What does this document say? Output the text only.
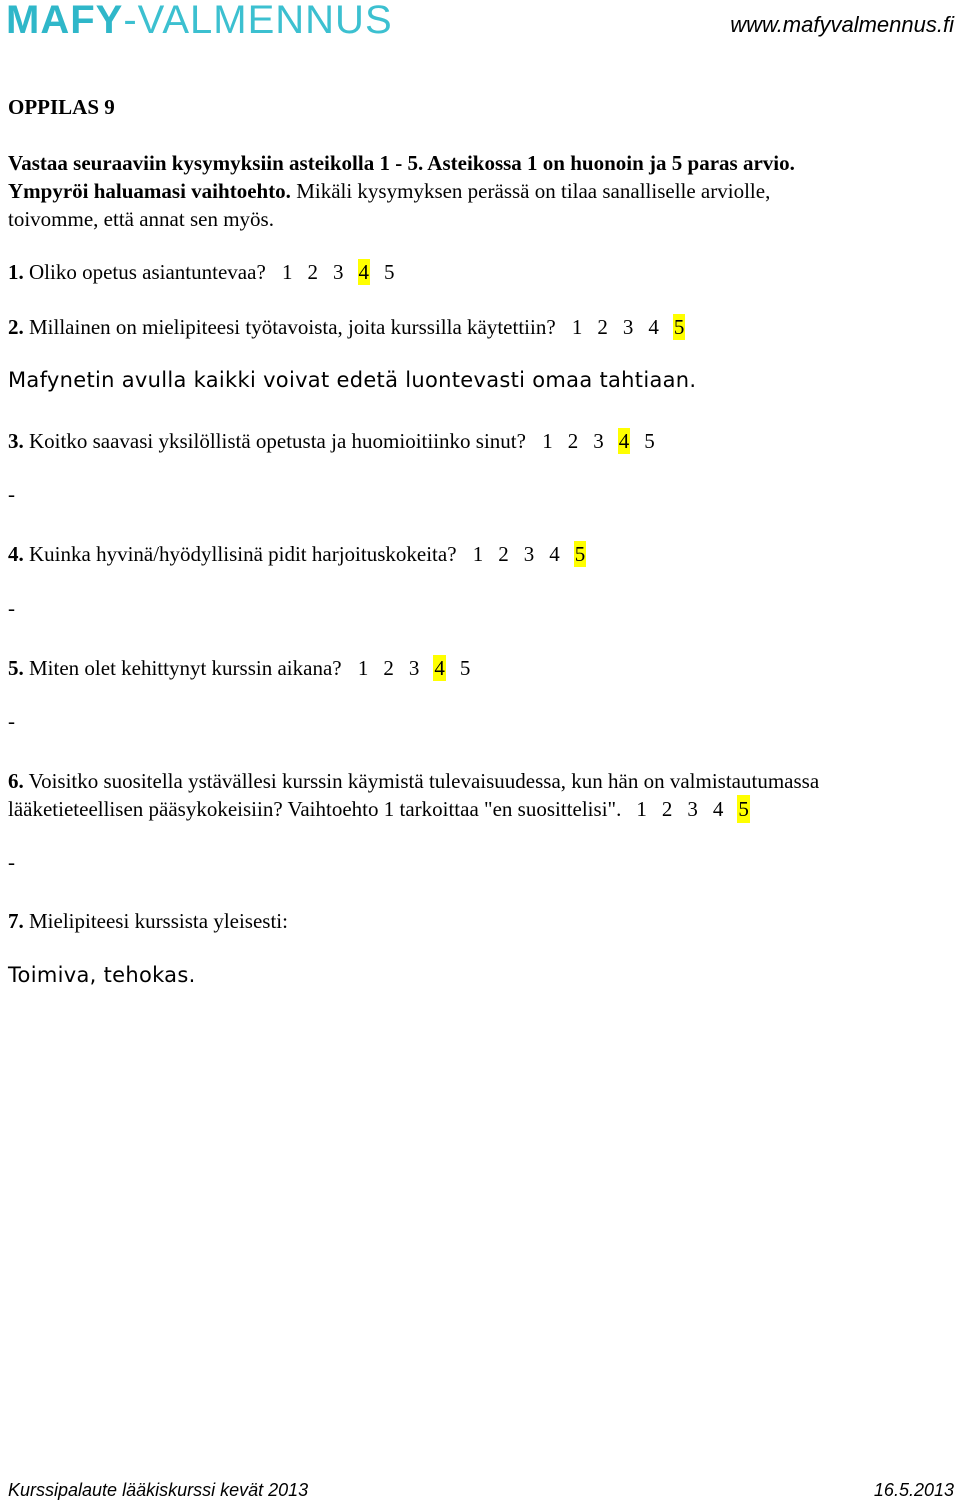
MAFY-VALMENNUS	www.mafyvalmennus.fi
OPPILAS 9
Vastaa seuraaviin kysymyksiin asteikolla 1 - 5. Asteikossa 1 on huonoin ja 5 paras arvio.
Ympyröi haluamasi vaihtoehto. Mikäli kysymyksen perässä on tilaa sanalliselle arviolle,
toivomme, että annat sen myös.
1. Oliko opetus asiantuntevaa? 1 2 3 4 5
2. Millainen on mielipiteesi työtavoista, joita kurssilla käytettiin? 1 2 3 4 5
Mafynetin avulla kaikki voivat edetä luontevasti omaa tahtiaan.
3. Koitko saavasi yksilöllistä opetusta ja huomioitiinko sinut? 1 2 3 4 5
-
4. Kuinka hyvinä/hyödyllisinä pidit harjoituskokeita? 1 2 3 4 5
-
5. Miten olet kehittynyt kurssin aikana? 1 2 3 4 5
-
6. Voisitko suositella ystävällesi kurssin käymistä tulevaisuudessa, kun hän on valmistautumassa
lääketieteellisen pääsykokeisiin? Vaihtoehto 1 tarkoittaa "en suosittelisi". 1 2 3 4 5
-
7. Mielipiteesi kurssista yleisesti:
Toimiva, tehokas.
Kurssipalaute lääkiskurssi kevät 2013	16.5.2013
